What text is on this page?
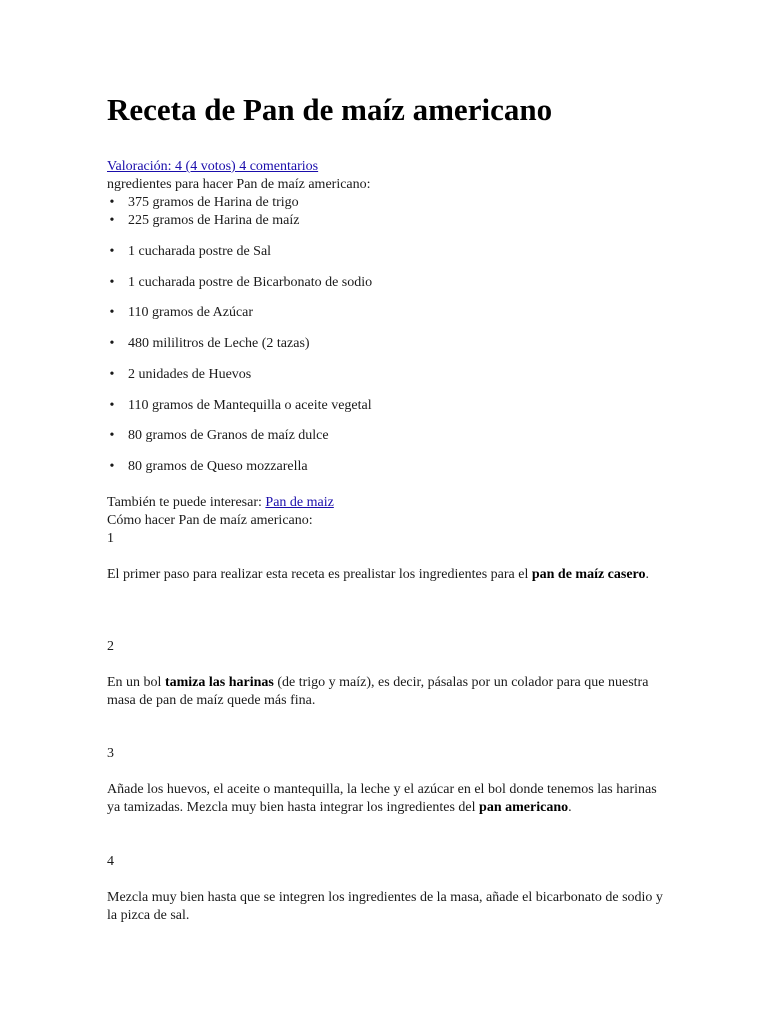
Receta de Pan de maíz americano
Valoración: 4 (4 votos) 4 comentarios
ngredientes para hacer Pan de maíz americano:
• 375 gramos de Harina de trigo
• 225 gramos de Harina de maíz
• 1 cucharada postre de Sal
• 1 cucharada postre de Bicarbonato de sodio
• 110 gramos de Azúcar
• 480 mililitros de Leche (2 tazas)
• 2 unidades de Huevos
• 110 gramos de Mantequilla o aceite vegetal
• 80 gramos de Granos de maíz dulce
• 80 gramos de Queso mozzarella
También te puede interesar: Pan de maiz
Cómo hacer Pan de maíz americano:
1
El primer paso para realizar esta receta es prealistar los ingredientes para el pan de maíz casero.
2
En un bol tamiza las harinas (de trigo y maíz), es decir, pásalas por un colador para que nuestra masa de pan de maíz quede más fina.
3
Añade los huevos, el aceite o mantequilla, la leche y el azúcar en el bol donde tenemos las harinas ya tamizadas. Mezcla muy bien hasta integrar los ingredientes del pan americano.
4
Mezcla muy bien hasta que se integren los ingredientes de la masa, añade el bicarbonato de sodio y la pizca de sal.
